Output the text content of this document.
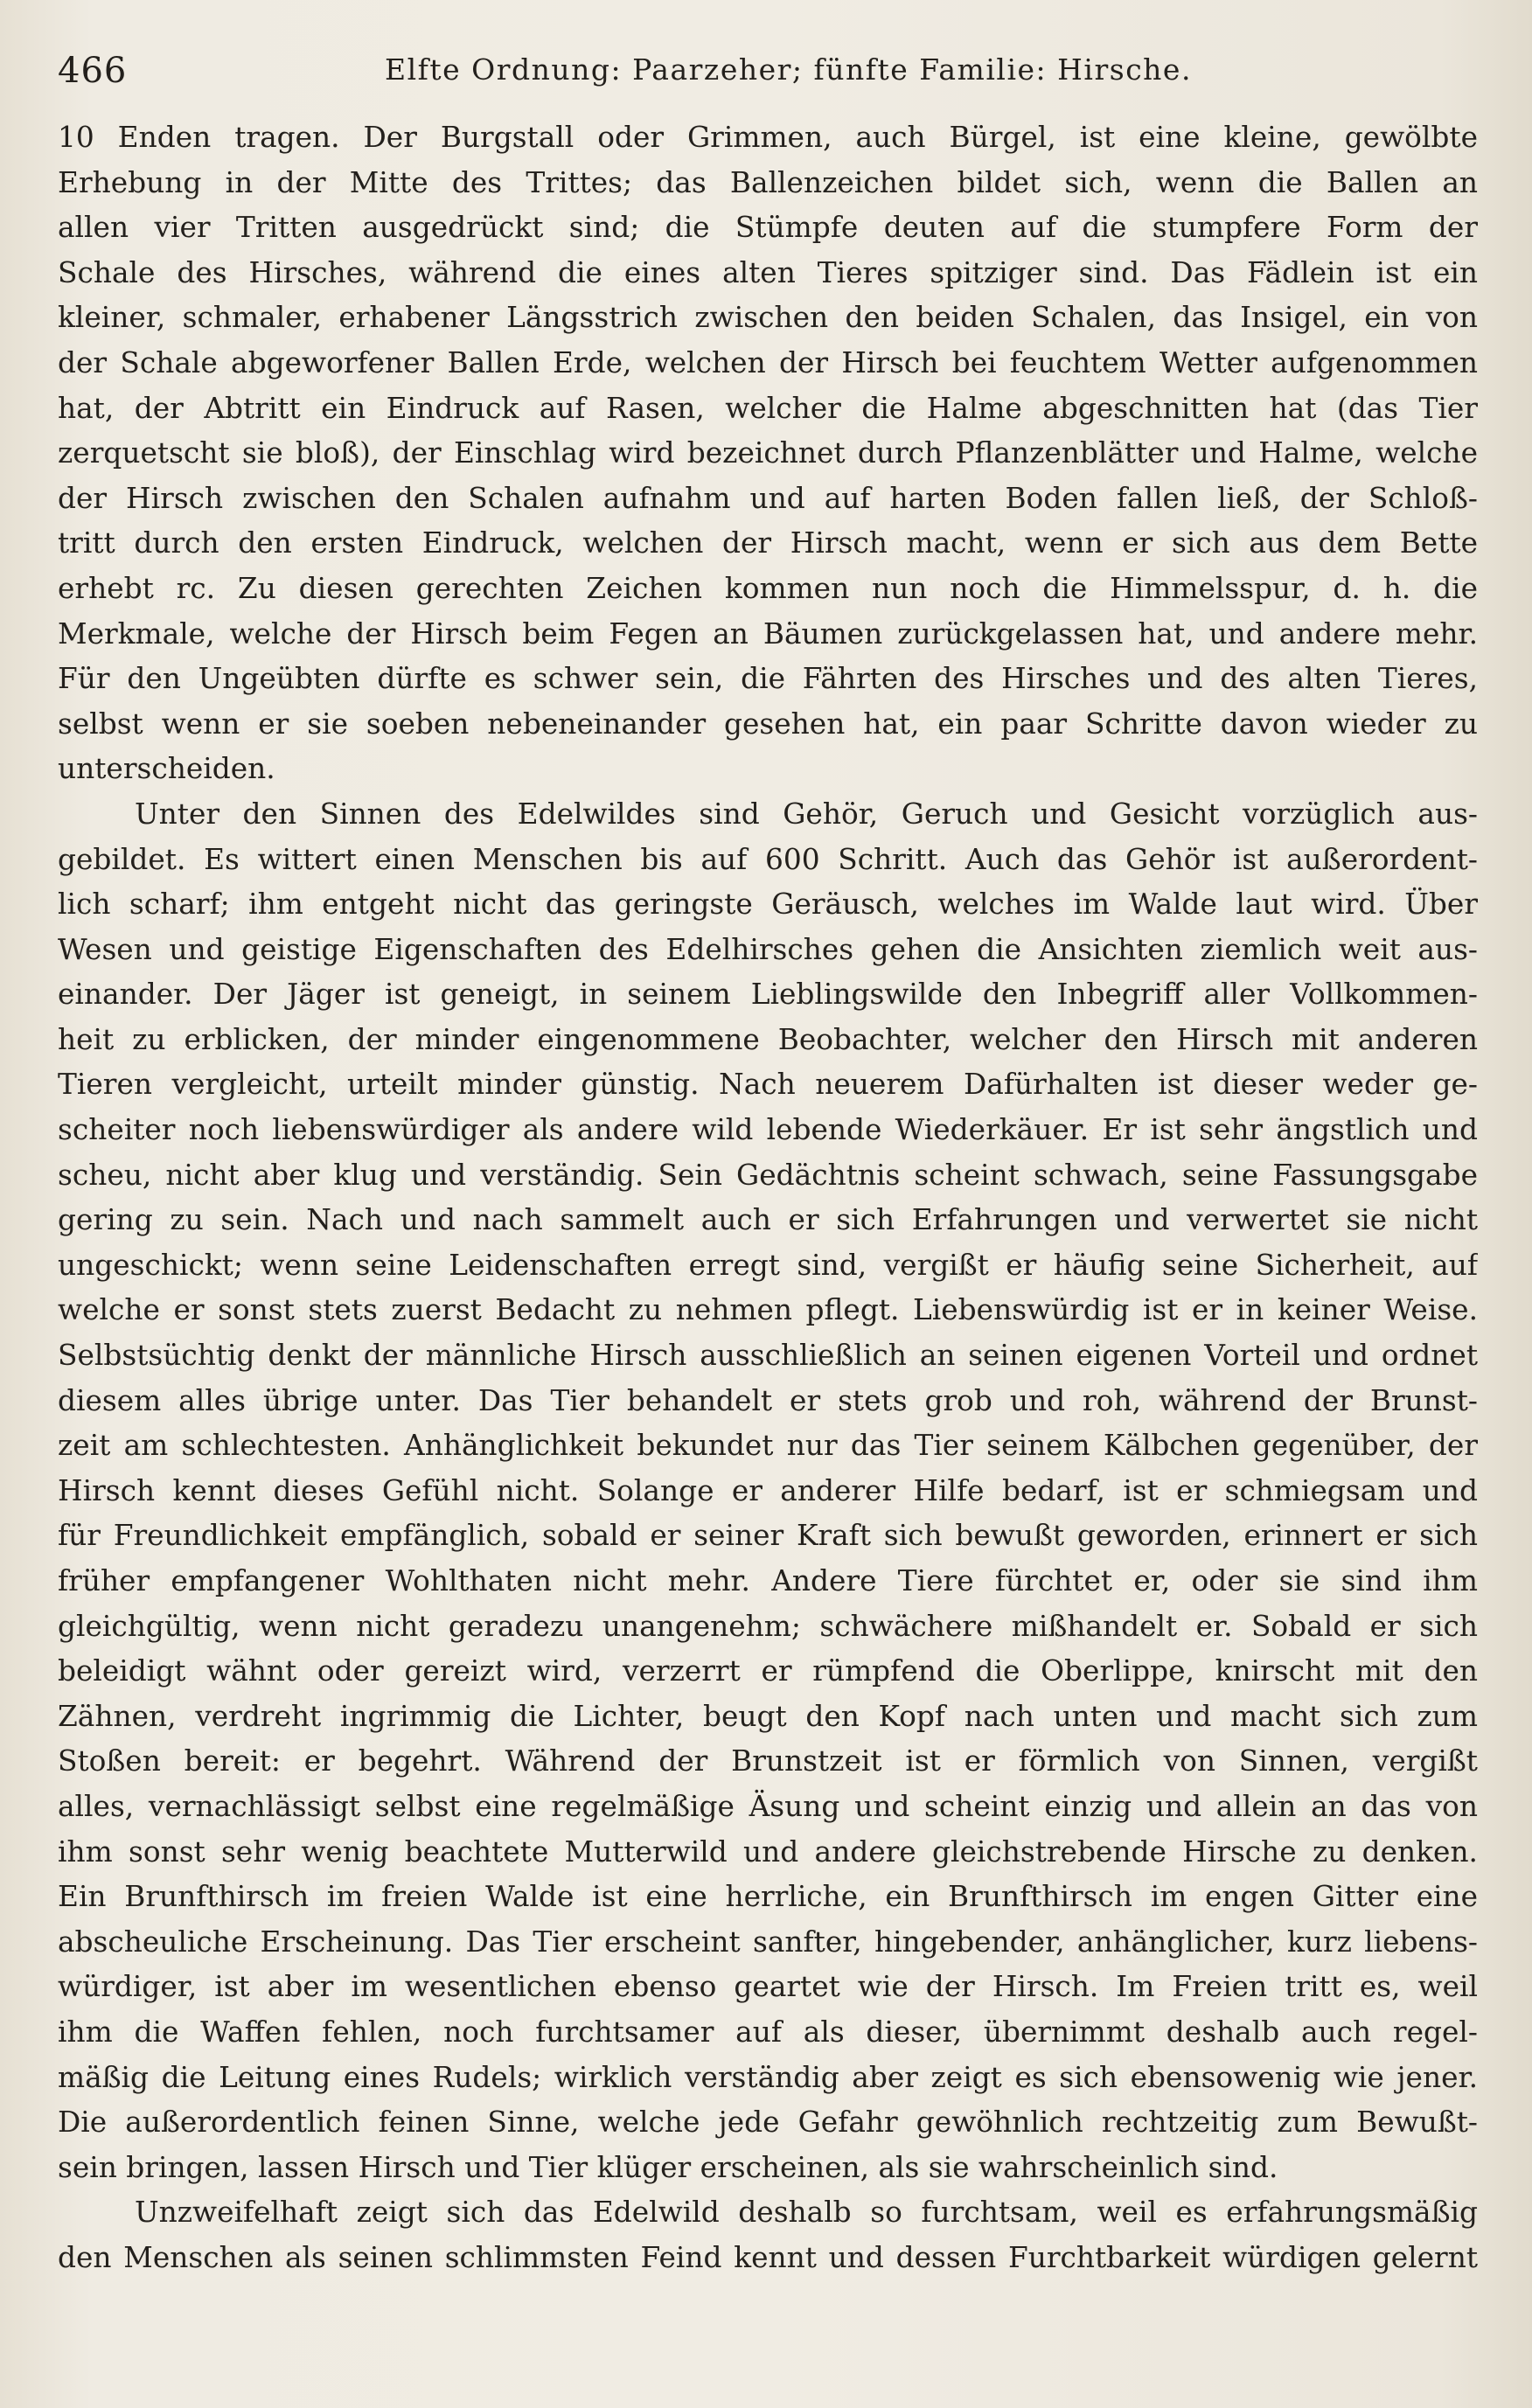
466	Elfte Ordnung: Paarzeher; fünfte Familie: Hirsche.
10 Enden tragen. Der Burgstall oder Grimmen, auch Bürgel, ist eine kleine, gewölbte
Erhebung in der Mitte des Trittes; das Ballenzeichen bildet sich, wenn die Ballen an
allen vier Tritten ausgedrückt sind; die Stümpfe deuten auf die stumpfere Form der
Schale des Hirsches, während die eines alten Tieres spitziger sind. Das Fädlein ist ein
kleiner, schmaler, erhabener Längsstrich zwischen den beiden Schalen, das Insigel, ein von
der Schale abgeworfener Ballen Erde, welchen der Hirsch bei feuchtem Wetter aufgenommen
hat, der Abtritt ein Eindruck auf Rasen, welcher die Halme abgeschnitten hat (das Tier
zerquetscht sie bloß), der Einschlag wird bezeichnet durch Pflanzenblätter und Halme, welche
der Hirsch zwischen den Schalen aufnahm und auf harten Boden fallen ließ, der Schloß-
tritt durch den ersten Eindruck, welchen der Hirsch macht, wenn er sich aus dem Bette
erhebt rc. Zu diesen gerechten Zeichen kommen nun noch die Himmelsspur, d. h. die
Merkmale, welche der Hirsch beim Fegen an Bäumen zurückgelassen hat, und andere mehr.
Für den Ungeübten dürfte es schwer sein, die Fährten des Hirsches und des alten Tieres,
selbst wenn er sie soeben nebeneinander gesehen hat, ein paar Schritte davon wieder zu
unterscheiden.
Unter den Sinnen des Edelwildes sind Gehör, Geruch und Gesicht vorzüglich aus-
gebildet. Es wittert einen Menschen bis auf 600 Schritt. Auch das Gehör ist außerordent-
lich scharf; ihm entgeht nicht das geringste Geräusch, welches im Walde laut wird. Über
Wesen und geistige Eigenschaften des Edelhirsches gehen die Ansichten ziemlich weit aus-
einander. Der Jäger ist geneigt, in seinem Lieblingswilde den Inbegriff aller Vollkommen-
heit zu erblicken, der minder eingenommene Beobachter, welcher den Hirsch mit anderen
Tieren vergleicht, urteilt minder günstig. Nach neuerem Dafürhalten ist dieser weder ge-
scheiter noch liebenswürdiger als andere wild lebende Wiederkäuer. Er ist sehr ängstlich und
scheu, nicht aber klug und verständig. Sein Gedächtnis scheint schwach, seine Fassungsgabe
gering zu sein. Nach und nach sammelt auch er sich Erfahrungen und verwertet sie nicht
ungeschickt; wenn seine Leidenschaften erregt sind, vergißt er häufig seine Sicherheit, auf
welche er sonst stets zuerst Bedacht zu nehmen pflegt. Liebenswürdig ist er in keiner Weise.
Selbstsüchtig denkt der männliche Hirsch ausschließlich an seinen eigenen Vorteil und ordnet
diesem alles übrige unter. Das Tier behandelt er stets grob und roh, während der Brunst-
zeit am schlechtesten. Anhänglichkeit bekundet nur das Tier seinem Kälbchen gegenüber, der
Hirsch kennt dieses Gefühl nicht. Solange er anderer Hilfe bedarf, ist er schmiegsam und
für Freundlichkeit empfänglich, sobald er seiner Kraft sich bewußt geworden, erinnert er sich
früher empfangener Wohlthaten nicht mehr. Andere Tiere fürchtet er, oder sie sind ihm
gleichgültig, wenn nicht geradezu unangenehm; schwächere mißhandelt er. Sobald er sich
beleidigt wähnt oder gereizt wird, verzerrt er rümpfend die Oberlippe, knirscht mit den
Zähnen, verdreht ingrimmig die Lichter, beugt den Kopf nach unten und macht sich zum
Stoßen bereit: er begehrt. Während der Brunstzeit ist er förmlich von Sinnen, vergißt
alles, vernachlässigt selbst eine regelmäßige Äsung und scheint einzig und allein an das von
ihm sonst sehr wenig beachtete Mutterwild und andere gleichstrebende Hirsche zu denken.
Ein Brunfthirsch im freien Walde ist eine herrliche, ein Brunfthirsch im engen Gitter eine
abscheuliche Erscheinung. Das Tier erscheint sanfter, hingebender, anhänglicher, kurz liebens-
würdiger, ist aber im wesentlichen ebenso geartet wie der Hirsch. Im Freien tritt es, weil
ihm die Waffen fehlen, noch furchtsamer auf als dieser, übernimmt deshalb auch regel-
mäßig die Leitung eines Rudels; wirklich verständig aber zeigt es sich ebensowenig wie jener.
Die außerordentlich feinen Sinne, welche jede Gefahr gewöhnlich rechtzeitig zum Bewußt-
sein bringen, lassen Hirsch und Tier klüger erscheinen, als sie wahrscheinlich sind.
Unzweifelhaft zeigt sich das Edelwild deshalb so furchtsam, weil es erfahrungsmäßig
den Menschen als seinen schlimmsten Feind kennt und dessen Furchtbarkeit würdigen gelernt
